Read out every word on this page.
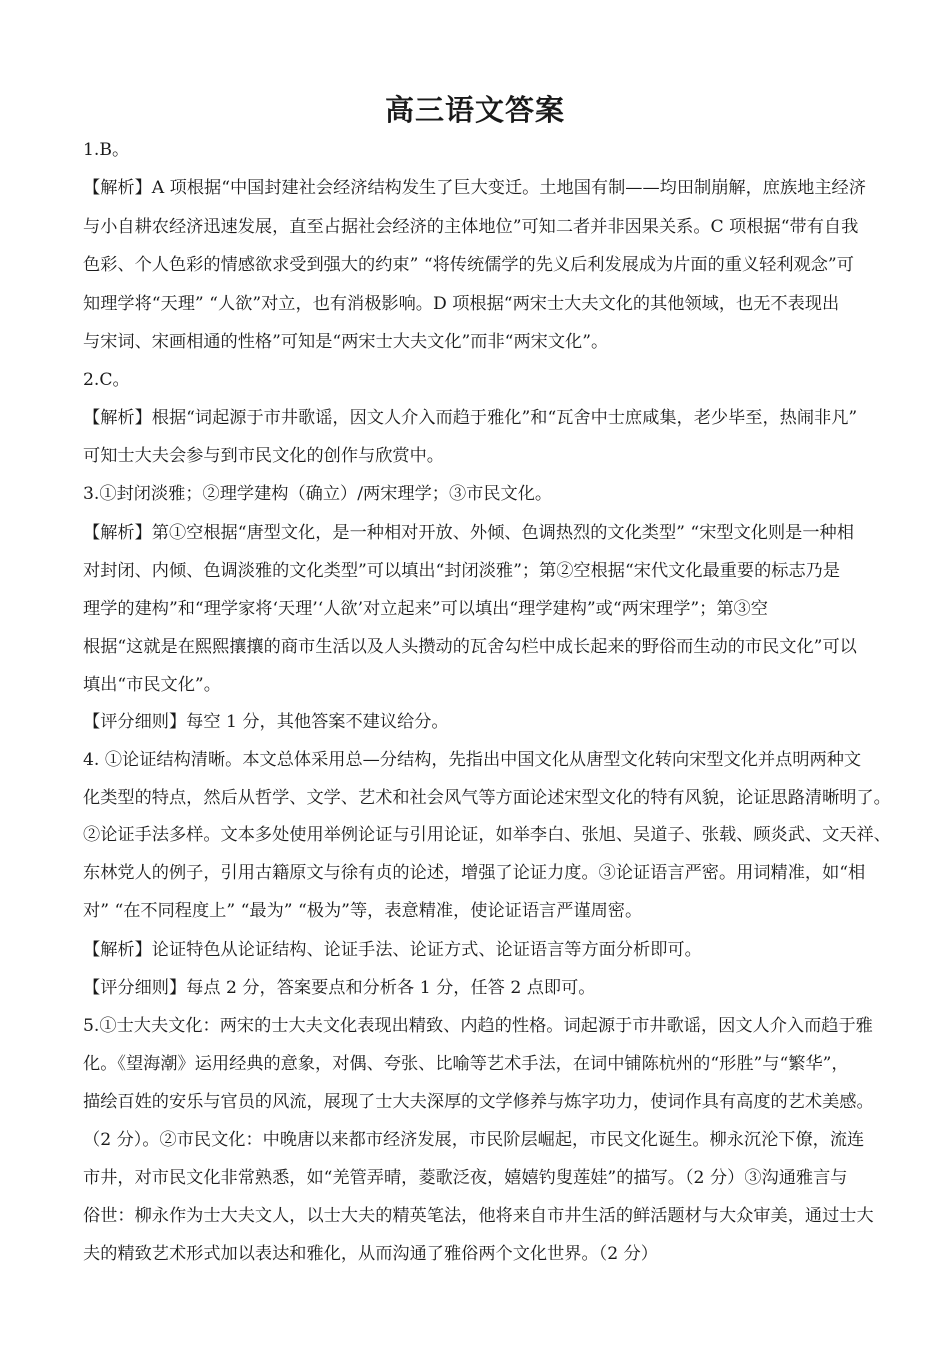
高三语文答案
1.B。
【解析】A 项根据“中国封建社会经济结构发生了巨大变迁。土地国有制——均田制崩解，庶族地主经济
与小自耕农经济迅速发展，直至占据社会经济的主体地位”可知二者并非因果关系。C 项根据“带有自我
色彩、个人色彩的情感欲求受到强大的约束” “将传统儒学的先义后利发展成为片面的重义轻利观念”可
知理学将“天理” “人欲”对立，也有消极影响。D 项根据“两宋士大夫文化的其他领域，也无不表现出
与宋词、宋画相通的性格”可知是“两宋士大夫文化”而非“两宋文化”。
2.C。
【解析】根据“词起源于市井歌谣，因文人介入而趋于雅化”和“瓦舍中士庶咸集，老少毕至，热闹非凡”
可知士大夫会参与到市民文化的创作与欣赏中。
3.①封闭淡雅；②理学建构（确立）/两宋理学；③市民文化。
【解析】第①空根据“唐型文化，是一种相对开放、外倾、色调热烈的文化类型” “宋型文化则是一种相
对封闭、内倾、色调淡雅的文化类型”可以填出“封闭淡雅”；第②空根据“宋代文化最重要的标志乃是
理学的建构”和“理学家将‘天理’‘人欲’对立起来”可以填出“理学建构”或“两宋理学”；第③空
根据“这就是在熙熙攘攘的商市生活以及人头攒动的瓦舍勾栏中成长起来的野俗而生动的市民文化”可以
填出“市民文化”。
【评分细则】每空 1 分，其他答案不建议给分。
4. ①论证结构清晰。本文总体采用总—分结构，先指出中国文化从唐型文化转向宋型文化并点明两种文
化类型的特点，然后从哲学、文学、艺术和社会风气等方面论述宋型文化的特有风貌，论证思路清晰明了。
②论证手法多样。文本多处使用举例论证与引用论证，如举李白、张旭、吴道子、张载、顾炎武、文天祥、
东林党人的例子，引用古籍原文与徐有贞的论述，增强了论证力度。③论证语言严密。用词精准，如“相
对” “在不同程度上” “最为” “极为”等，表意精准，使论证语言严谨周密。
【解析】论证特色从论证结构、论证手法、论证方式、论证语言等方面分析即可。
【评分细则】每点 2 分，答案要点和分析各 1 分，任答 2 点即可。
5.①士大夫文化：两宋的士大夫文化表现出精致、内趋的性格。词起源于市井歌谣，因文人介入而趋于雅
化。《望海潮》运用经典的意象，对偶、夸张、比喻等艺术手法，在词中铺陈杭州的“形胜”与“繁华”，
描绘百姓的安乐与官员的风流，展现了士大夫深厚的文学修养与炼字功力，使词作具有高度的艺术美感。
（2 分）。②市民文化：中晚唐以来都市经济发展，市民阶层崛起，市民文化诞生。柳永沉沦下僚，流连
市井，对市民文化非常熟悉，如“羌管弄晴，菱歌泛夜，嬉嬉钓叟莲娃”的描写。（2 分）③沟通雅言与
俗世：柳永作为士大夫文人，以士大夫的精英笔法，他将来自市井生活的鲜活题材与大众审美，通过士大
夫的精致艺术形式加以表达和雅化，从而沟通了雅俗两个文化世界。（2 分）
